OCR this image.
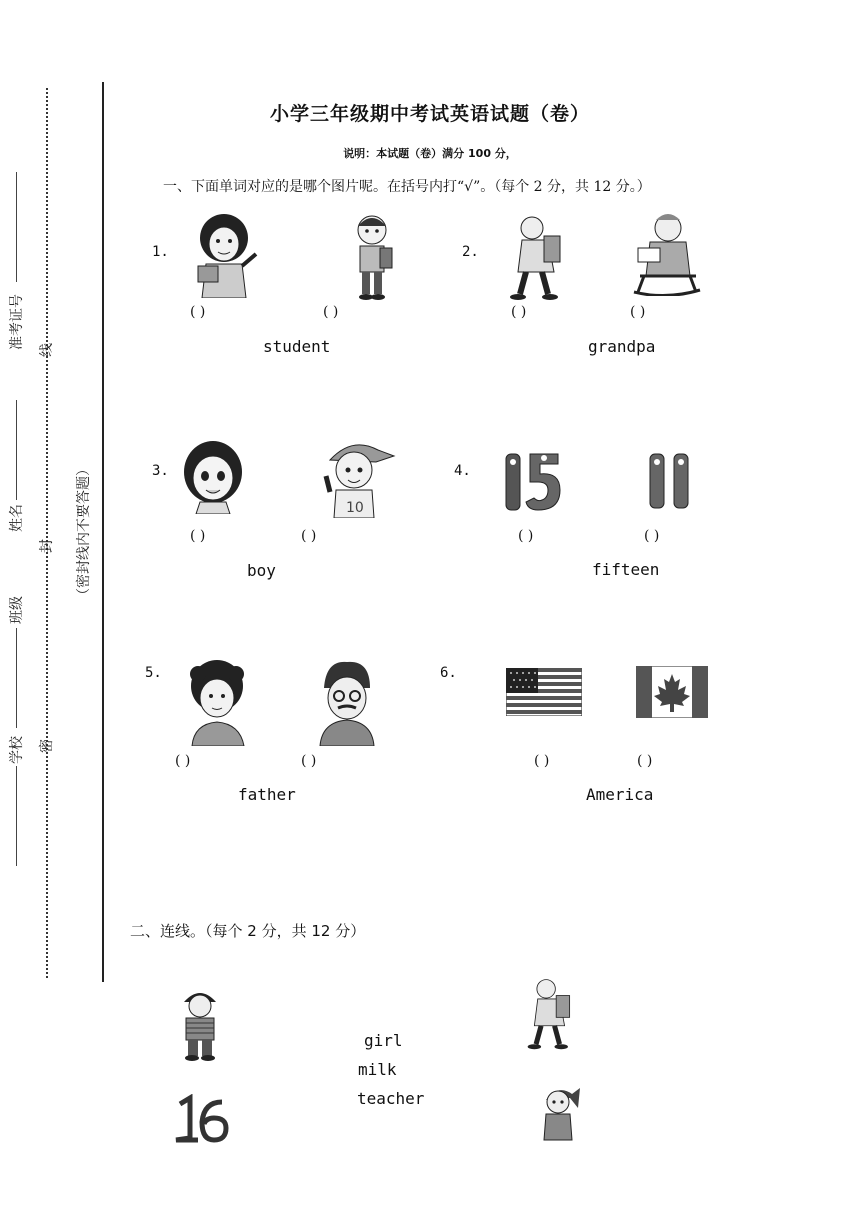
准考证号 线
姓名
封
班级
学校 密
（密封线内不要答题）
小学三年级期中考试英语试题（卷）
说明：本试题（卷）满分 100 分，
一、下面单词对应的是哪个图片呢。在括号内打“√”。（每个 2 分，共 12 分。）
1.
( )	( )
student
2.
( )	( )
grandpa
3.
10
( )	( )
boy
4.
( )	( )
fifteen
5.
( )	( )
father
6.
( )	( )
America
二、连线。（每个 2 分，共 12 分）
girl
milk
teacher
